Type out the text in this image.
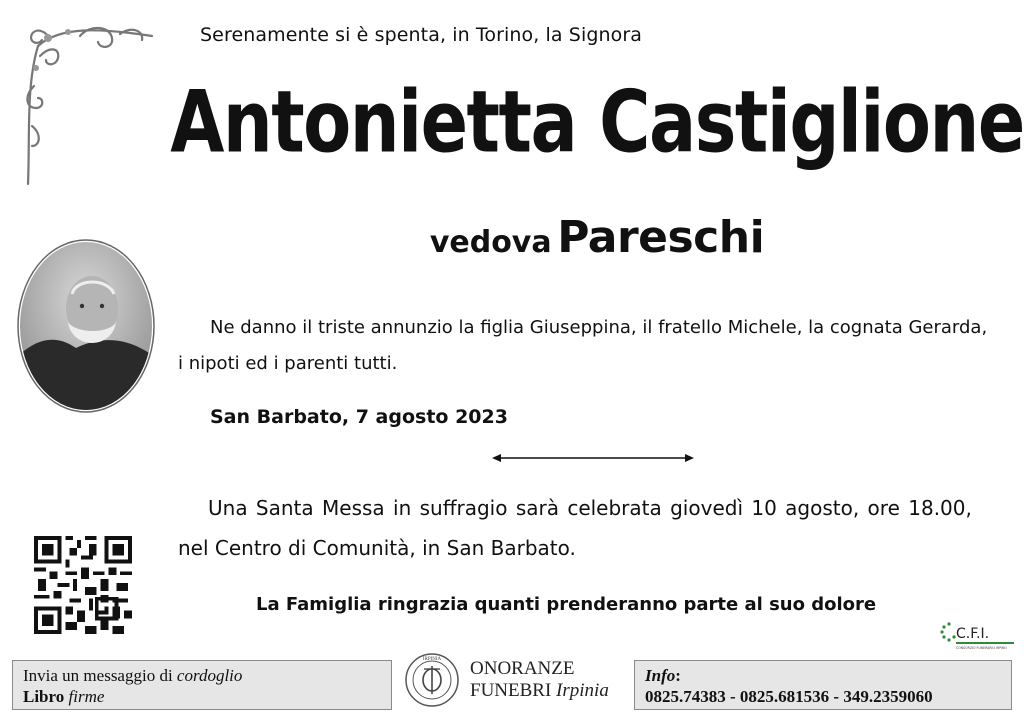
Serenamente si è spenta, in Torino, la Signora
Antonietta Castiglione
vedova Pareschi
Ne danno il triste annunzio la figlia Giuseppina, il fratello Michele, la cognata Gerarda,
i nipoti ed i parenti tutti.
San Barbato, 7 agosto 2023
Una Santa Messa in suffragio sarà celebrata giovedì 10 agosto, ore 18.00,
nel Centro di Comunità, in San Barbato.
La Famiglia ringrazia quanti prenderanno parte al suo dolore
C.F.I.
CONSORZIO FUNERARIO IRPINO
Invia un messaggio di cordoglio
Libro firme
IRPINIA ONORANZE
FUNEBRI Irpinia
Info:
0825.74383 - 0825.681536 - 349.2359060
